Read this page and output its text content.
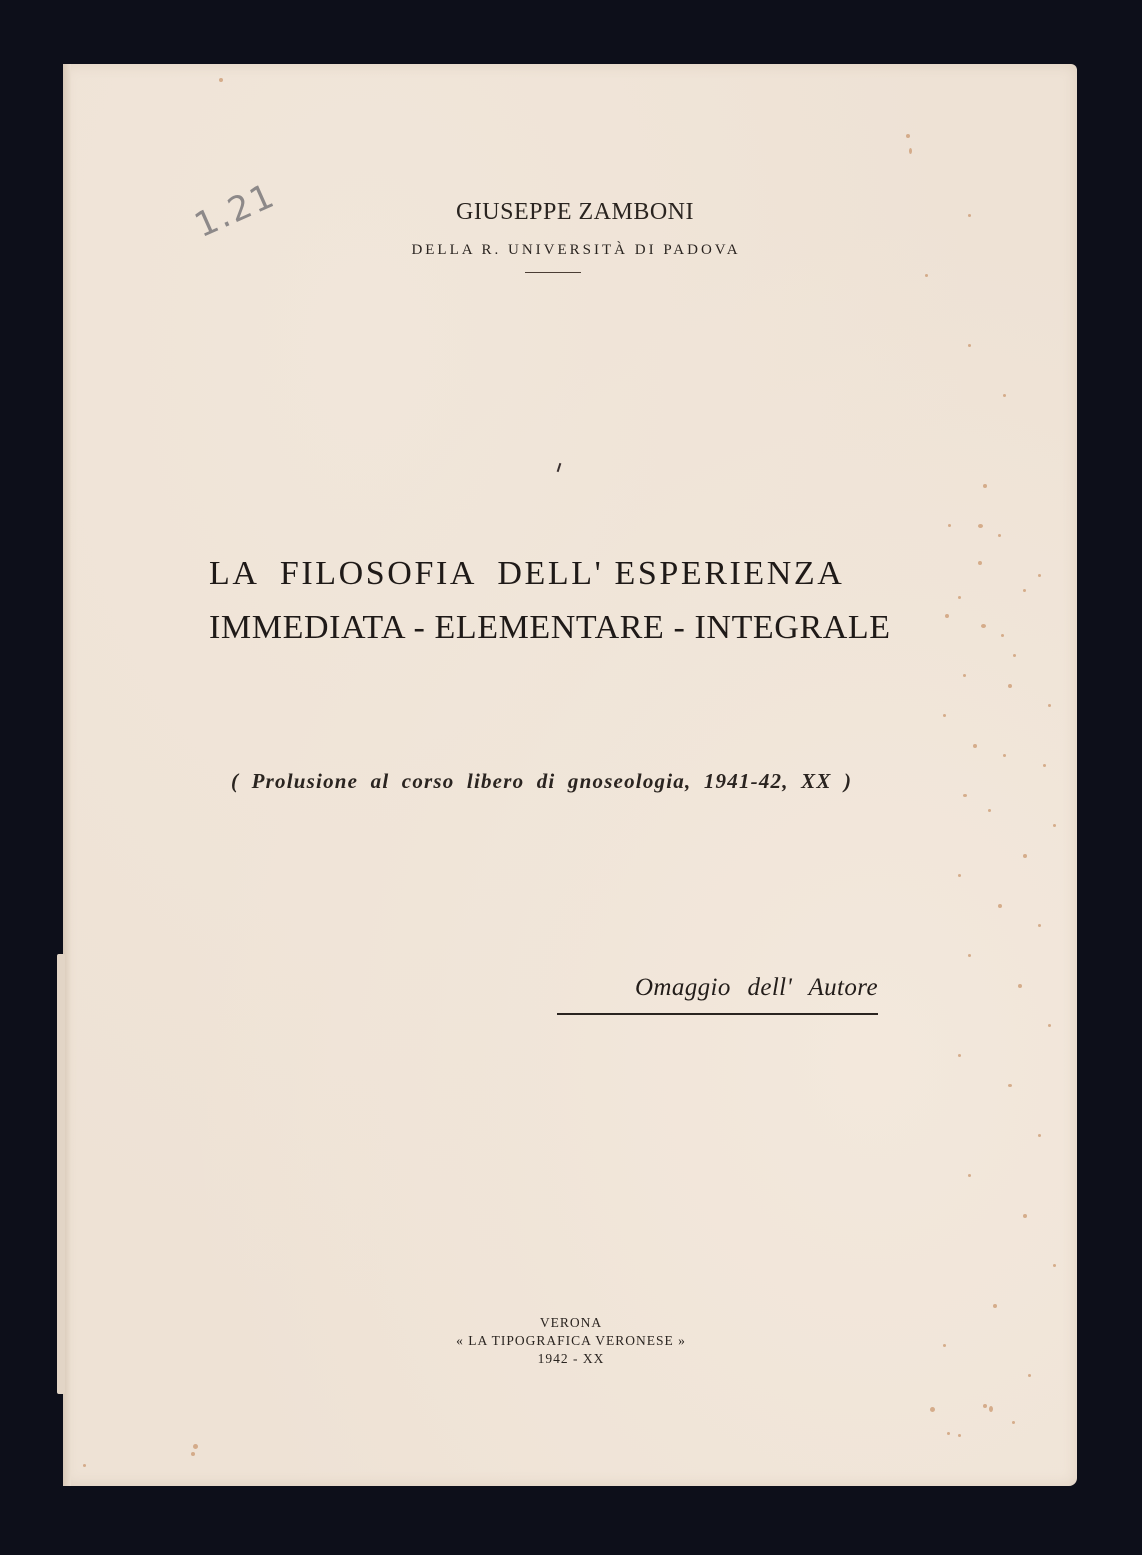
1.21	GIUSEPPE ZAMBONI
DELLA R. UNIVERSITÀ DI PADOVA
LA  FILOSOFIA  DELL' ESPERIENZA
IMMEDIATA - ELEMENTARE - INTEGRALE
( Prolusione al corso libero di gnoseologia, 1941-42, XX )
Omaggio dell' Autore
VERONA
« LA TIPOGRAFICA VERONESE »
1942 - XX
